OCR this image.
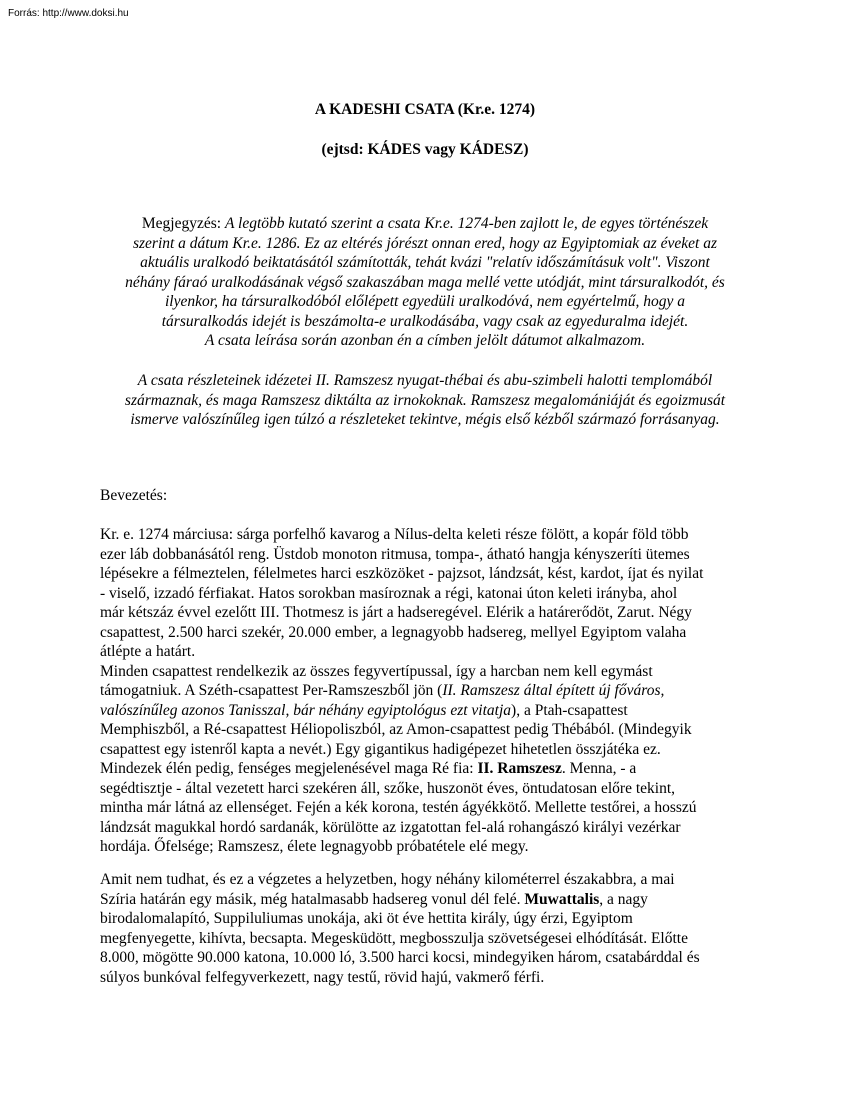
Forrás: http://www.doksi.hu
A KADESHI CSATA (Kr.e. 1274)
(ejtsd: KÁDES vagy KÁDESZ)
Megjegyzés: A legtöbb kutató szerint a csata Kr.e. 1274-ben zajlott le, de egyes történészek
szerint a dátum Kr.e. 1286. Ez az eltérés jórészt onnan ered, hogy az Egyiptomiak az éveket az
aktuális uralkodó beiktatásától számították, tehát kvázi "relatív időszámításuk volt". Viszont
néhány fáraó uralkodásának végső szakaszában maga mellé vette utódját, mint társuralkodót, és
ilyenkor, ha társuralkodóból előlépett egyedüli uralkodóvá, nem egyértelmű, hogy a
társuralkodás idejét is beszámolta-e uralkodásába, vagy csak az egyeduralma idejét.
A csata leírása során azonban én a címben jelölt dátumot alkalmazom.
A csata részleteinek idézetei II. Ramszesz nyugat-thébai és abu-szimbeli halotti templomából
származnak, és maga Ramszesz diktálta az irnokoknak. Ramszesz megalomániáját és egoizmusát
ismerve valószínűleg igen túlzó a részleteket tekintve, mégis első kézből származó forrásanyag.
Bevezetés:
Kr. e. 1274 márciusa: sárga porfelhő kavarog a Nílus-delta keleti része fölött, a kopár föld több
ezer láb dobbanásától reng. Üstdob monoton ritmusa, tompa-, átható hangja kényszeríti ütemes
lépésekre a félmeztelen, félelmetes harci eszközöket - pajzsot, lándzsát, kést, kardot, íjat és nyilat
- viselő, izzadó férfiakat. Hatos sorokban masíroznak a régi, katonai úton keleti irányba, ahol
már kétszáz évvel ezelőtt III. Thotmesz is járt a hadseregével. Elérik a határerődöt, Zarut. Négy
csapattest, 2.500 harci szekér, 20.000 ember, a legnagyobb hadsereg, mellyel Egyiptom valaha
átlépte a határt.
Minden csapattest rendelkezik az összes fegyvertípussal, így a harcban nem kell egymást
támogatniuk. A Széth-csapattest Per-Ramszeszből jön (II. Ramszesz által épített új főváros,
valószínűleg azonos Tanisszal, bár néhány egyiptológus ezt vitatja), a Ptah-csapattest
Memphiszből, a Ré-csapattest Héliopoliszból, az Amon-csapattest pedig Thébából. (Mindegyik
csapattest egy istenről kapta a nevét.) Egy gigantikus hadigépezet hihetetlen összjátéka ez.
Mindezek élén pedig, fenséges megjelenésével maga Ré fia: II. Ramszesz. Menna, - a
segédtisztje - által vezetett harci szekéren áll, szőke, huszonöt éves, öntudatosan előre tekint,
mintha már látná az ellenséget. Fején a kék korona, testén ágyékkötő. Mellette testőrei, a hosszú
lándzsát magukkal hordó sardanák, körülötte az izgatottan fel-alá rohangászó királyi vezérkar
hordája. Őfelsége; Ramszesz, élete legnagyobb próbatétele elé megy.
Amit nem tudhat, és ez a végzetes a helyzetben, hogy néhány kilométerrel északabbra, a mai
Szíria határán egy másik, még hatalmasabb hadsereg vonul dél felé. Muwattalis, a nagy
birodalomalapító, Suppiluliumas unokája, aki öt éve hettita király, úgy érzi, Egyiptom
megfenyegette, kihívta, becsapta. Megesküdött, megbosszulja szövetségesei elhódítását. Előtte
8.000, mögötte 90.000 katona, 10.000 ló, 3.500 harci kocsi, mindegyiken három, csatabárddal és
súlyos bunkóval felfegyverkezett, nagy testű, rövid hajú, vakmerő férfi.
